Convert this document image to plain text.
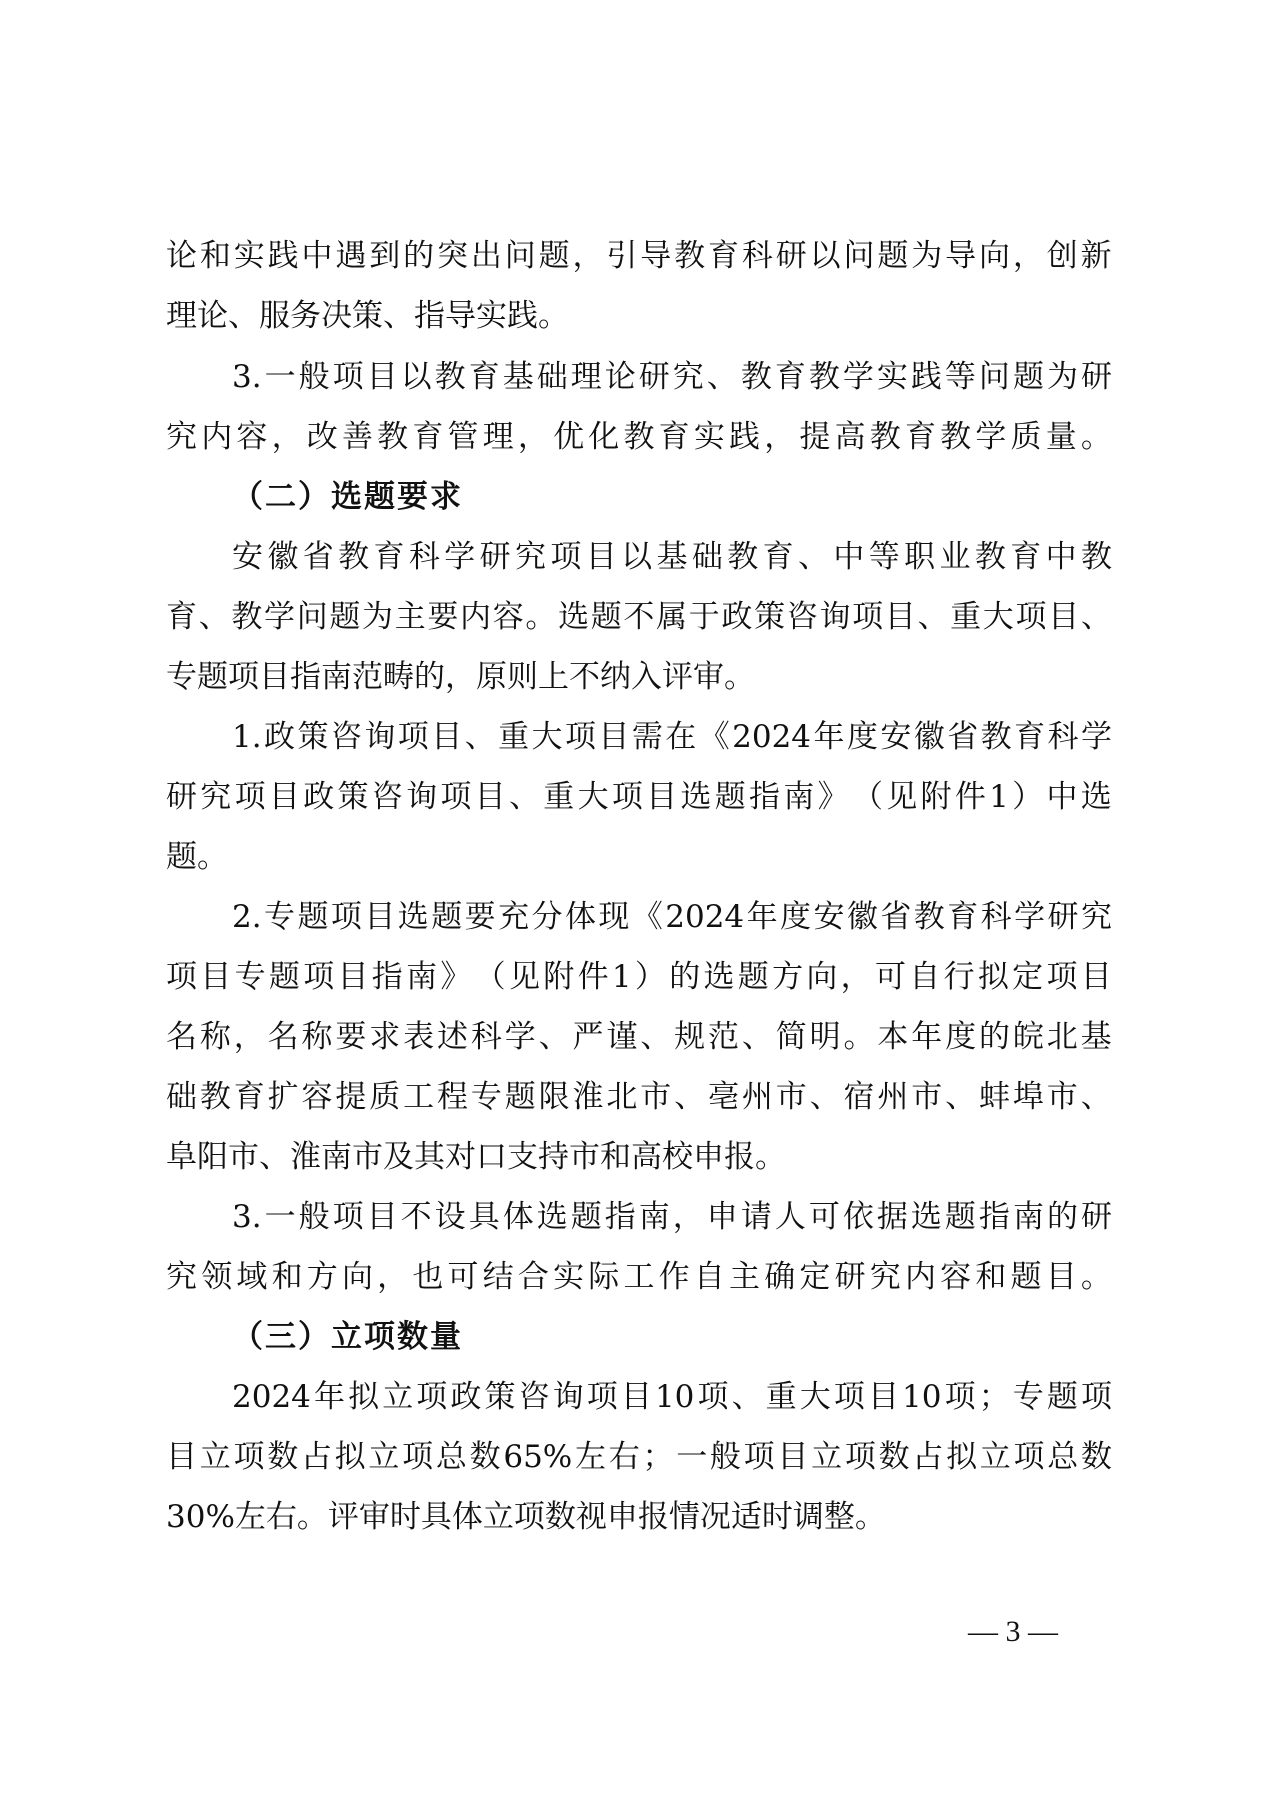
论 和 实 践 中 遇 到 的 突 出 问 题 ， 引 导 教 育 科 研 以 问 题 为 导 向 ， 创 新
理论、服务决策、指导实践。
3. 一 般 项 目 以 教 育 基 础 理 论 研 究 、 教 育 教 学 实 践 等 问 题 为 研
究 内 容 ， 改 善 教 育 管 理 ， 优 化 教 育 实 践 ， 提 高 教 育 教 学 质 量 。
（二）选题要求
安 徽 省 教 育 科 学 研 究 项 目 以 基 础 教 育 、 中 等 职 业 教 育 中 教
育 、 教 学 问 题 为 主 要 内 容 。 选 题 不 属 于 政 策 咨 询 项 目 、 重 大 项 目 、
专题项目指南范畴的，原则上不纳入评审。
1. 政 策 咨 询 项 目 、 重 大 项 目 需 在 《 2024 年 度 安 徽 省 教 育 科 学
研 究 项 目 政 策 咨 询 项 目 、 重 大 项 目 选 题 指 南 》 （ 见 附 件 1 ） 中 选
题。
2. 专 题 项 目 选 题 要 充 分 体 现 《 2024 年 度 安 徽 省 教 育 科 学 研 究
项 目 专 题 项 目 指 南 》 （ 见 附 件 1 ） 的 选 题 方 向 ， 可 自 行 拟 定 项 目
名 称 ， 名 称 要 求 表 述 科 学 、 严 谨 、 规 范 、 简 明 。 本 年 度 的 皖 北 基
础 教 育 扩 容 提 质 工 程 专 题 限 淮 北 市 、 亳 州 市 、 宿 州 市 、 蚌 埠 市 、
阜阳市、淮南市及其对口支持市和高校申报。
3. 一 般 项 目 不 设 具 体 选 题 指 南 ， 申 请 人 可 依 据 选 题 指 南 的 研
究 领 域 和 方 向 ， 也 可 结 合 实 际 工 作 自 主 确 定 研 究 内 容 和 题 目 。
（三）立项数量
2024 年 拟 立 项 政 策 咨 询 项 目 10 项 、 重 大 项 目 10 项 ； 专 题 项
目 立 项 数 占 拟 立 项 总 数 65% 左 右 ； 一 般 项 目 立 项 数 占 拟 立 项 总 数
30%左右。评审时具体立项数视申报情况适时调整。
— 3 —
